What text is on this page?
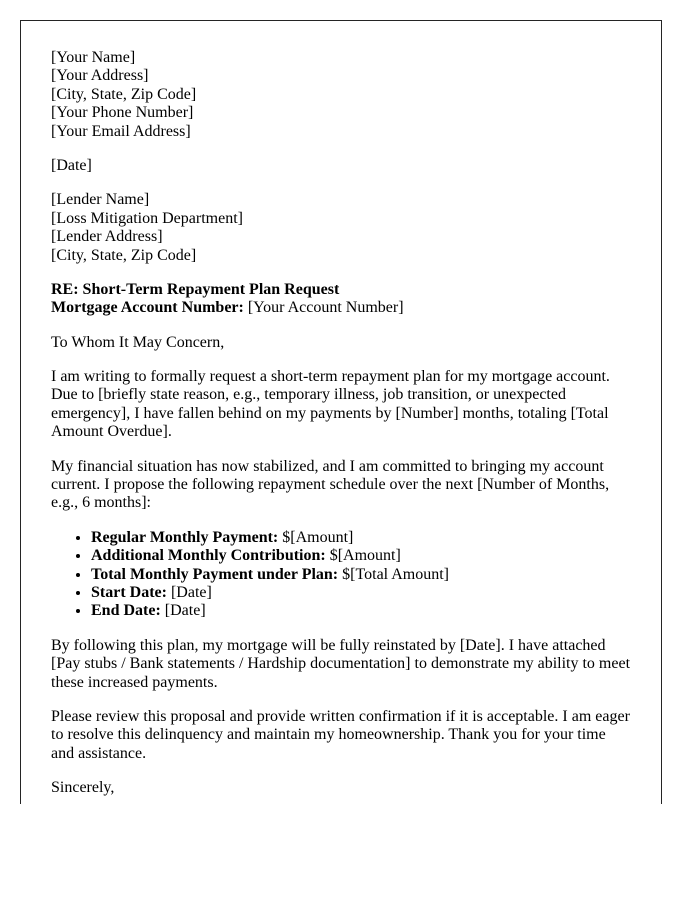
[Your Name]
[Your Address]
[City, State, Zip Code]
[Your Phone Number]
[Your Email Address]
[Date]
[Lender Name]
[Loss Mitigation Department]
[Lender Address]
[City, State, Zip Code]
RE: Short-Term Repayment Plan Request
Mortgage Account Number: [Your Account Number]
To Whom It May Concern,
I am writing to formally request a short-term repayment plan for my mortgage account. Due to [briefly state reason, e.g., temporary illness, job transition, or unexpected emergency], I have fallen behind on my payments by [Number] months, totaling [Total Amount Overdue].
My financial situation has now stabilized, and I am committed to bringing my account current. I propose the following repayment schedule over the next [Number of Months, e.g., 6 months]:
• Regular Monthly Payment: $[Amount]
• Additional Monthly Contribution: $[Amount]
• Total Monthly Payment under Plan: $[Total Amount]
• Start Date: [Date]
• End Date: [Date]
By following this plan, my mortgage will be fully reinstated by [Date]. I have attached [Pay stubs / Bank statements / Hardship documentation] to demonstrate my ability to meet these increased payments.
Please review this proposal and provide written confirmation if it is acceptable. I am eager to resolve this delinquency and maintain my homeownership. Thank you for your time and assistance.
Sincerely,
